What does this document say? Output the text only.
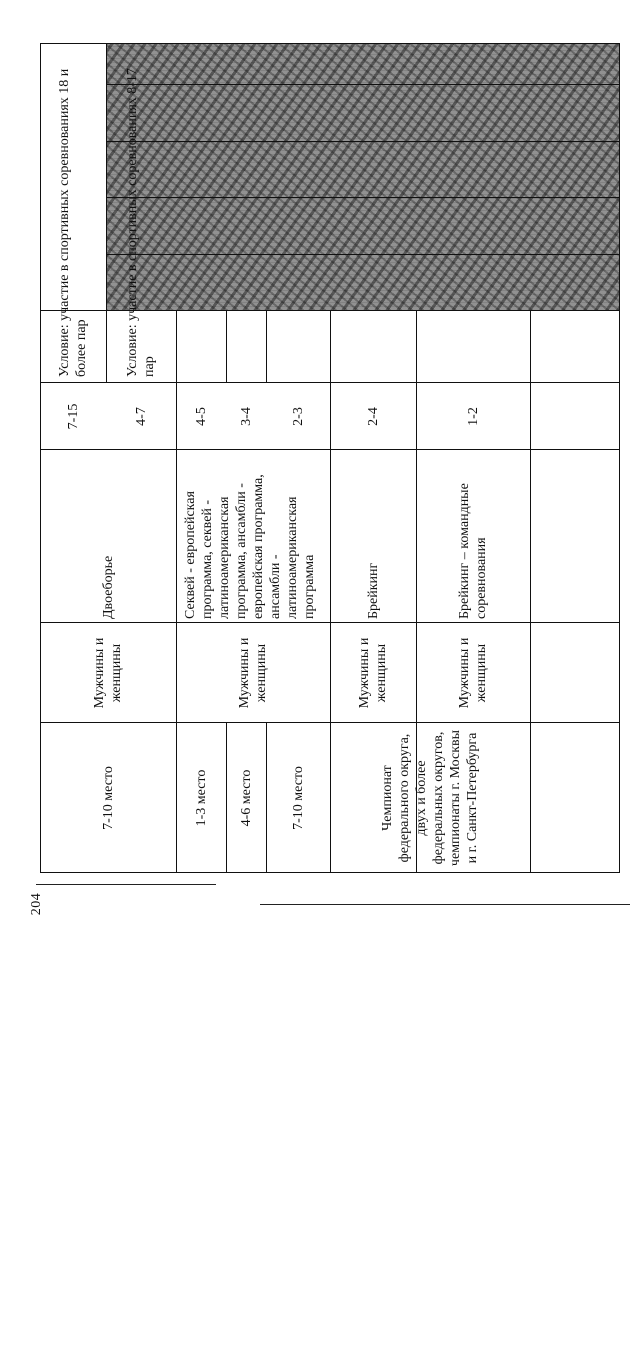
204
7-10 место
Мужчины и женщины
Двоеборье
7-15
Условие: участие в спортивных соревнованиях 18 и более пар
4-7
Условие: участие в спортивных соревнованиях 8-17 пар
1-3 место 4-6 место	7-10 место
Мужчины и женщины
Секвей - европейская программа, секвей - латиноамериканская программа, ансамбли - европейская программа, ансамбли - латиноамериканская программа
4-5 3-4	2-3
Чемпионат федерального округа, двух и более федеральных округов, чемпионаты г. Москвы и г. Санкт-Петербурга
Мужчины и женщины
Брейкинг
2-4
Мужчины и женщины
Брейкинг – командные соревнования
1-2
